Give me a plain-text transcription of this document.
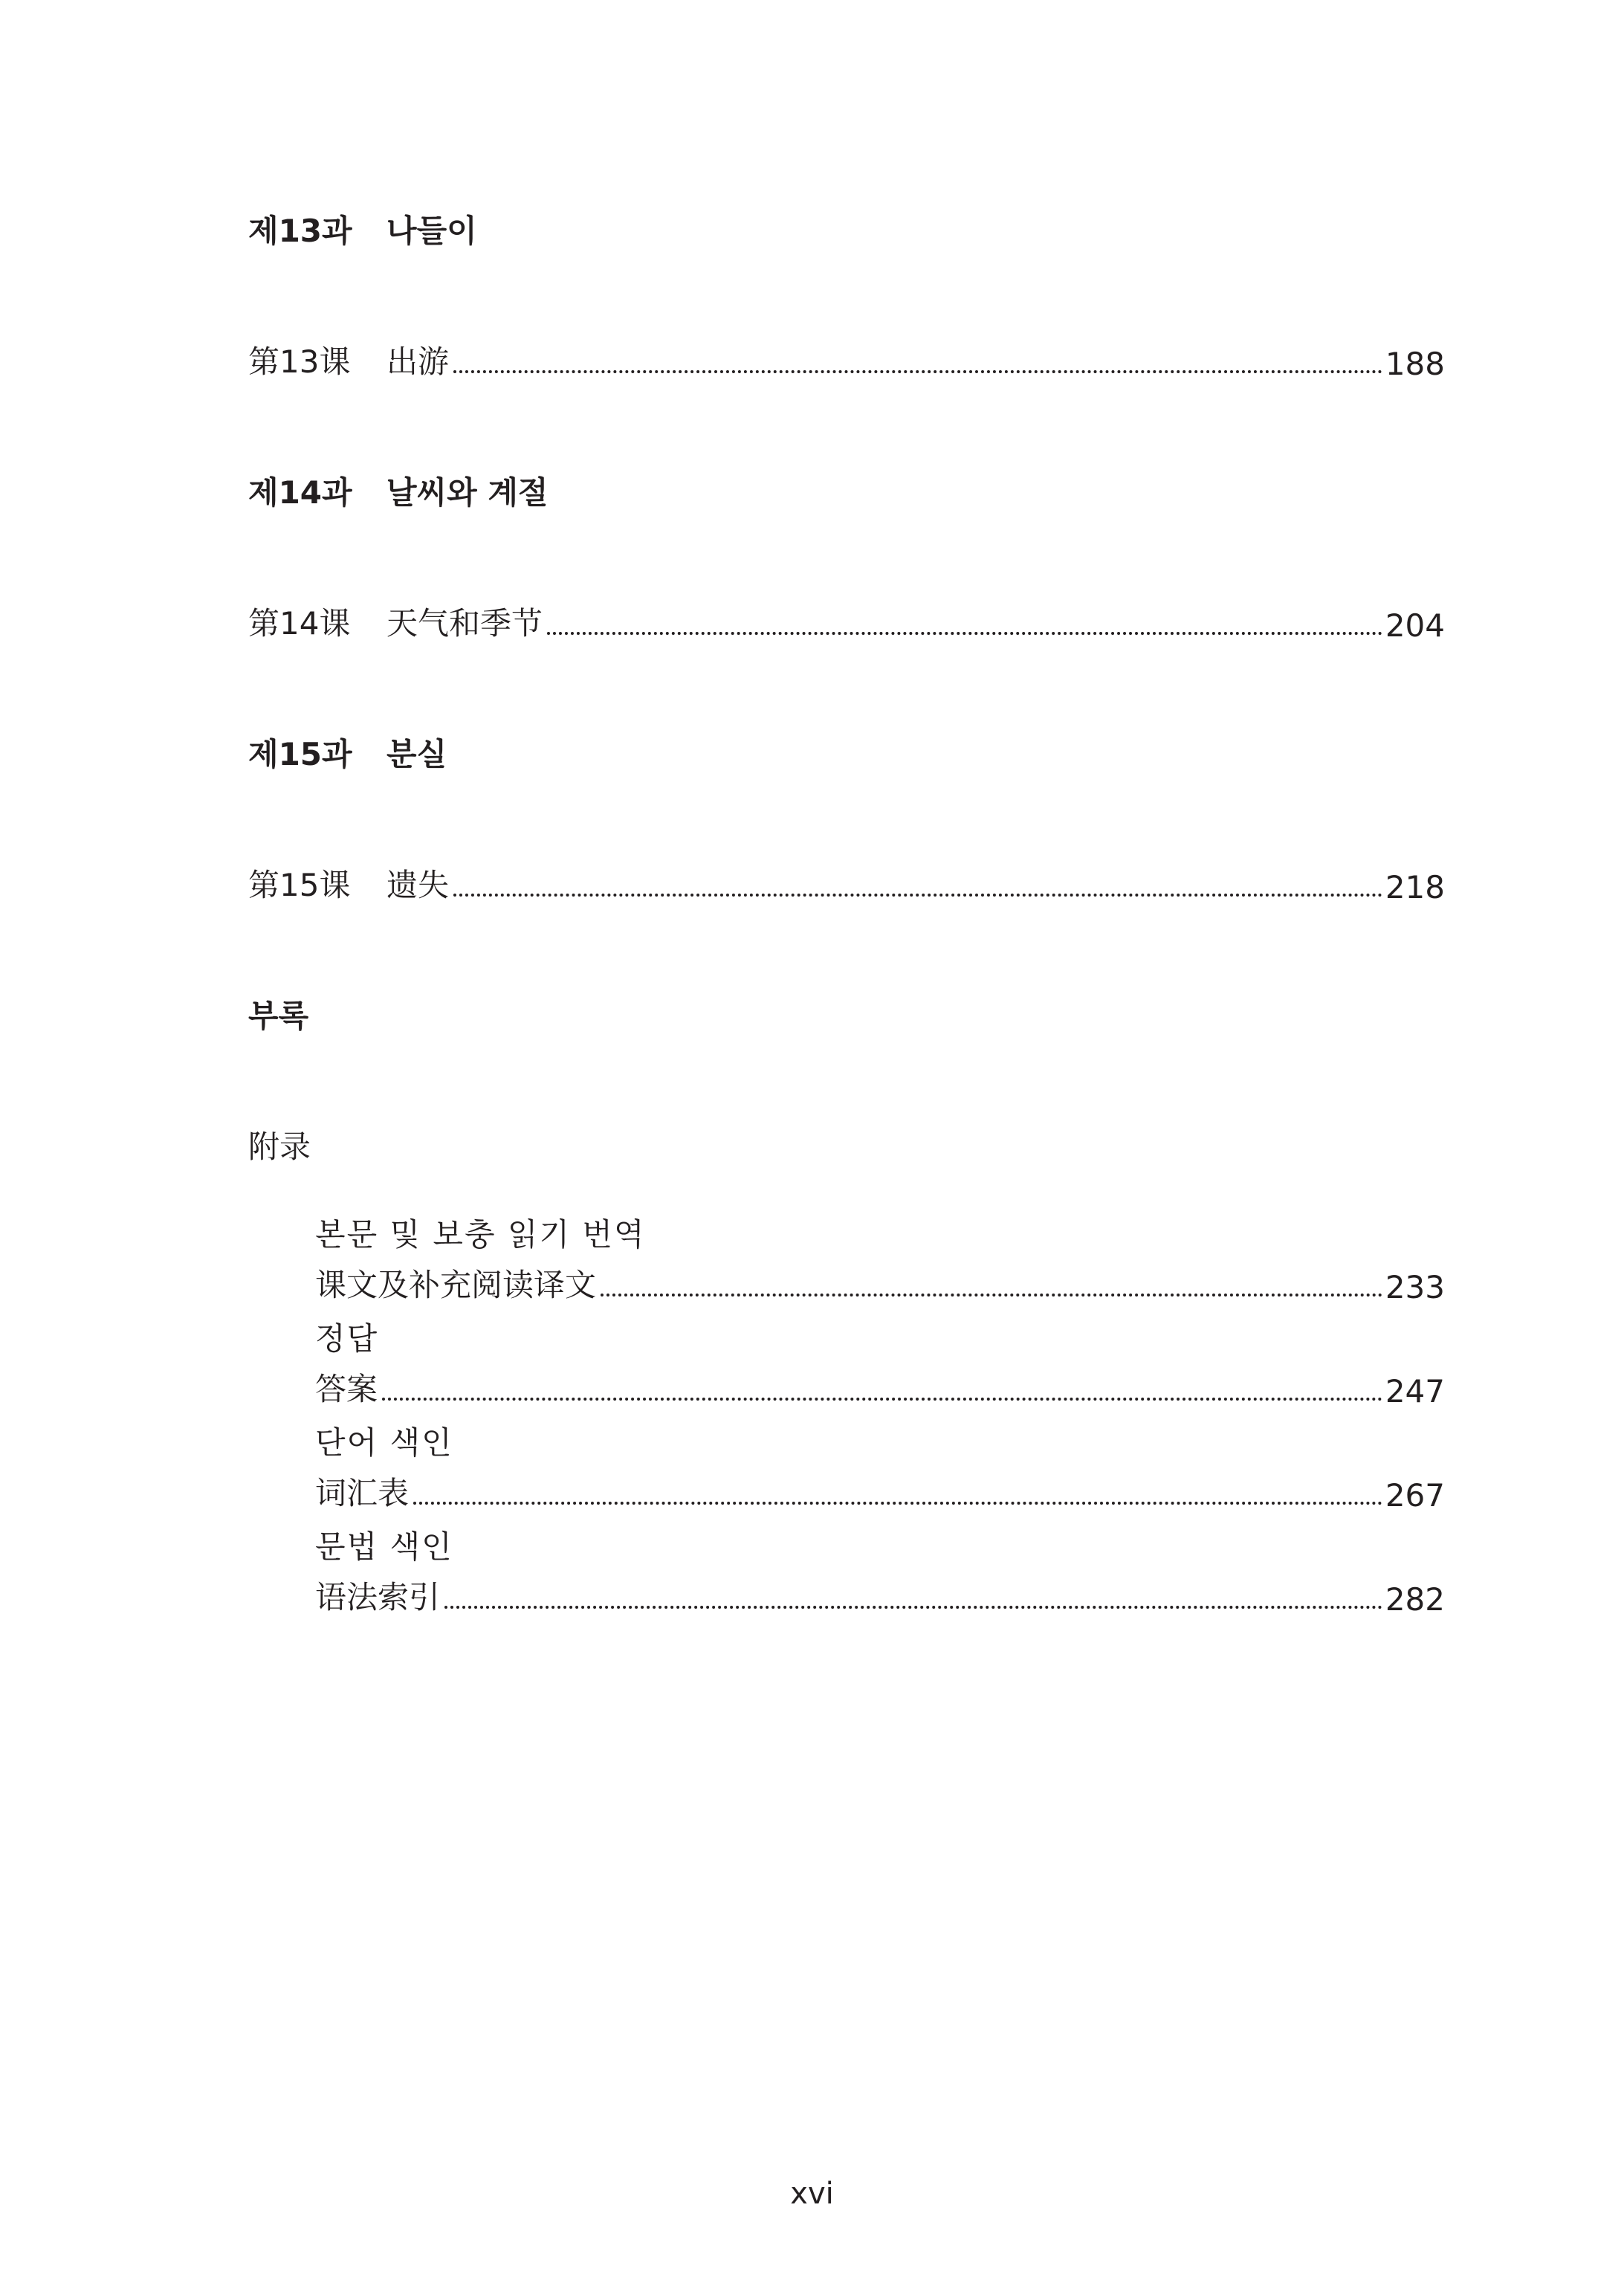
제13과	나들이
第13课	出游	188
제14과	날씨와 계절
第14课	天气和季节	204
제15과	분실
第15课	遗失	218
부록
附录
본문 및 보충 읽기 번역
课文及补充阅读译文	233
정답
答案	247
단어 색인
词汇表	267
문법 색인
语法索引	282
xvi
